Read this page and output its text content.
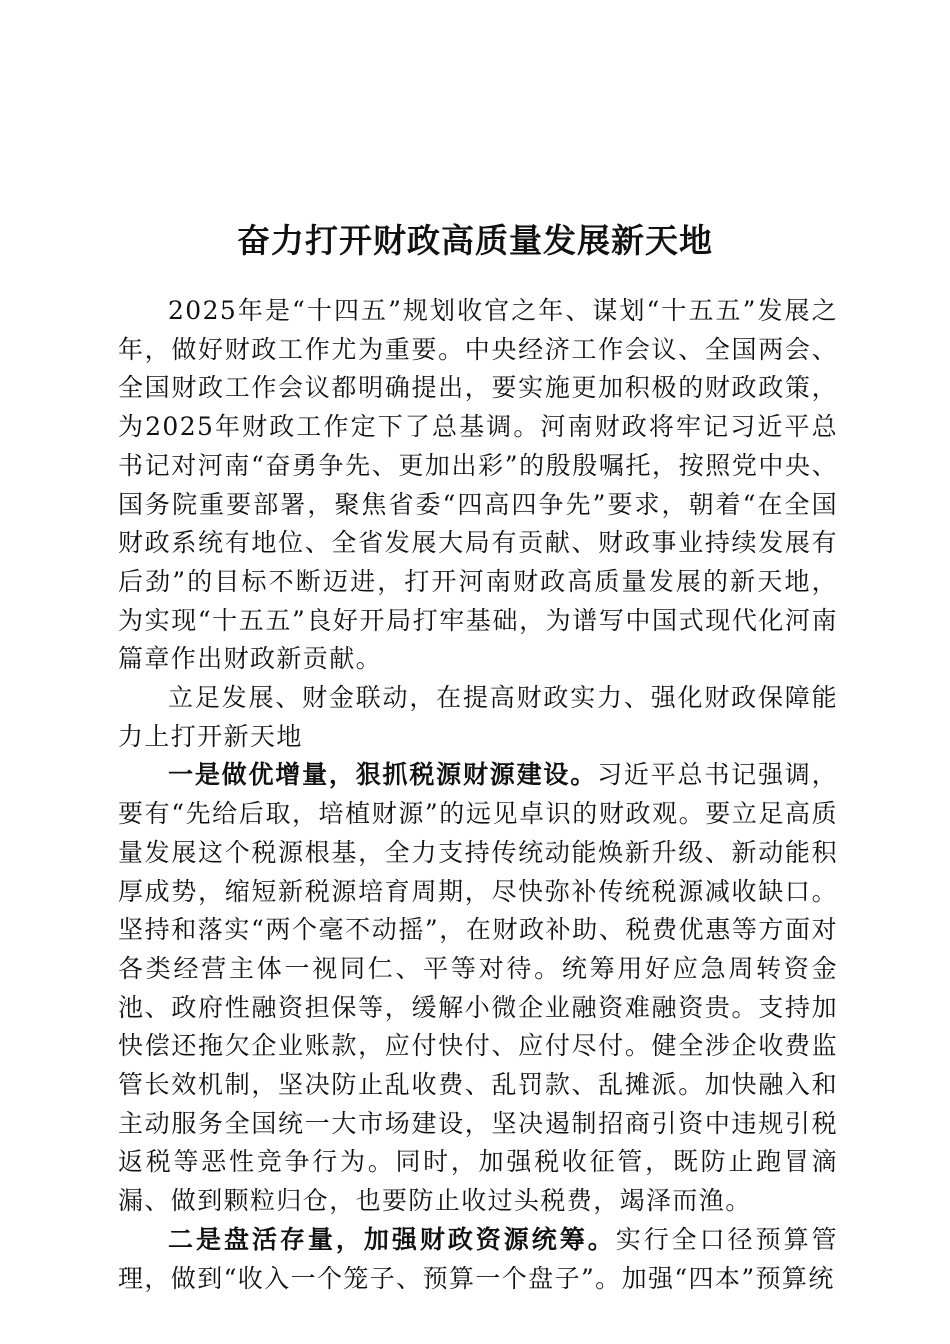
奋力打开财政高质量发展新天地

2025年是“十四五”规划收官之年、谋划“十五五”发展之年，做好财政工作尤为重要。中央经济工作会议、全国两会、全国财政工作会议都明确提出，要实施更加积极的财政政策，为2025年财政工作定下了总基调。河南财政将牢记习近平总书记对河南“奋勇争先、更加出彩”的殷殷嘱托，按照党中央、国务院重要部署，聚焦省委“四高四争先”要求，朝着“在全国财政系统有地位、全省发展大局有贡献、财政事业持续发展有后劲”的目标不断迈进，打开河南财政高质量发展的新天地，为实现“十五五”良好开局打牢基础，为谱写中国式现代化河南篇章作出财政新贡献。

立足发展、财金联动，在提高财政实力、强化财政保障能力上打开新天地

一是做优增量，狠抓税源财源建设。习近平总书记强调，要有“先给后取，培植财源”的远见卓识的财政观。要立足高质量发展这个税源根基，全力支持传统动能焕新升级、新动能积厚成势，缩短新税源培育周期，尽快弥补传统税源减收缺口。坚持和落实“两个毫不动摇”，在财政补助、税费优惠等方面对各类经营主体一视同仁、平等对待。统筹用好应急周转资金池、政府性融资担保等，缓解小微企业融资难融资贵。支持加快偿还拖欠企业账款，应付快付、应付尽付。健全涉企收费监管长效机制，坚决防止乱收费、乱罚款、乱摊派。加快融入和主动服务全国统一大市场建设，坚决遏制招商引资中违规引税返税等恶性竞争行为。同时，加强税收征管，既防止跑冒滴漏、做到颗粒归仓，也要防止收过头税费，竭泽而渔。

二是盘活存量，加强财政资源统筹。实行全口径预算管理，做到“收入一个笼子、预算一个盘子”。加强“四本”预算统
